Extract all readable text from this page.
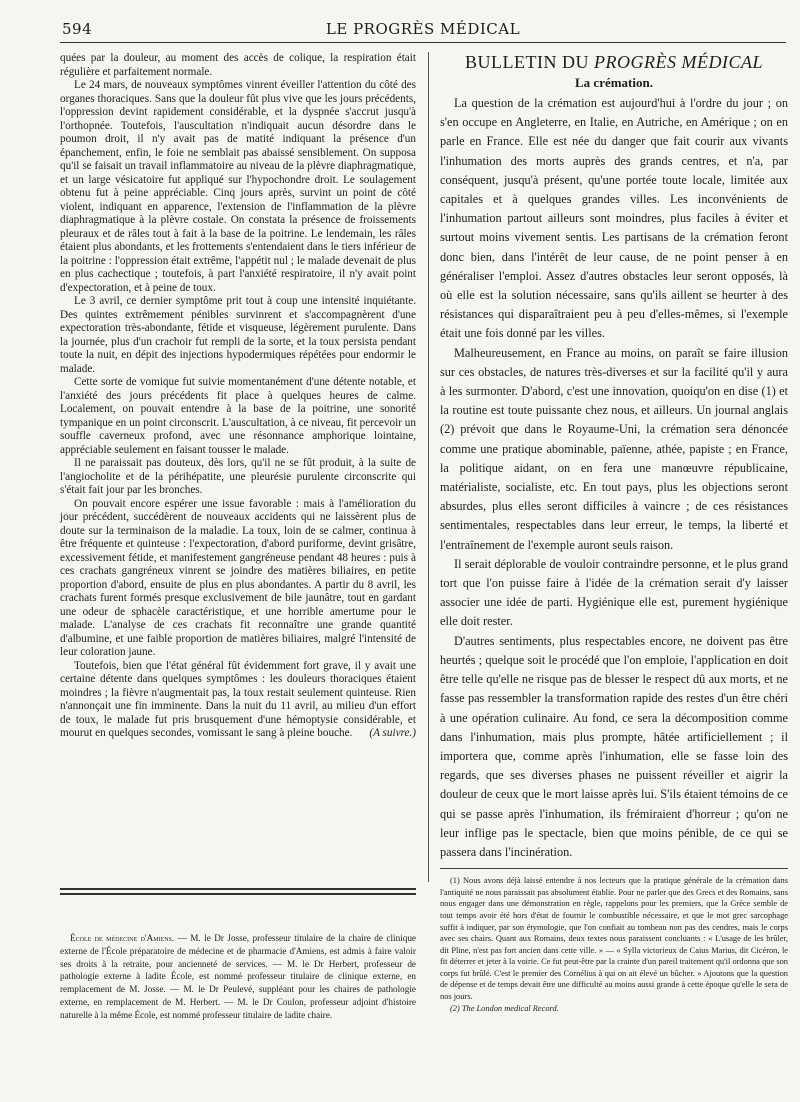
594	LE PROGRÈS MÉDICAL

quées par la douleur, au moment des accès de colique, la respiration était régulière et parfaitement normale.

Le 24 mars, de nouveaux symptômes vinrent éveiller l'attention du côté des organes thoraciques. Sans que la douleur fût plus vive que les jours précédents, l'oppression devint rapidement considérable, et la dyspnée s'accrut jusqu'à l'orthopnée. Toutefois, l'auscultation n'indiquait aucun désordre dans le poumon droit, il n'y avait pas de matité indiquant la présence d'un épanchement, enfin, le foie ne semblait pas abaissé sensiblement. On supposa qu'il se faisait un travail inflammatoire au niveau de la plèvre diaphragmatique, et un large vésicatoire fut appliqué sur l'hypochondre droit. Le soulagement obtenu fut à peine appréciable. Cinq jours après, survint un point de côté violent, indiquant en apparence, l'extension de l'inflammation de la plèvre diaphragmatique à la plèvre costale. On constata la présence de froissements pleuraux et de râles tout à fait à la base de la poitrine. Le lendemain, les râles étaient plus abondants, et les frottements s'entendaient dans le tiers inférieur de la poitrine : l'oppression était extrême, l'appétit nul ; le malade devenait de plus en plus cachectique ; toutefois, à part l'anxiété respiratoire, il n'y avait point d'expectoration, et à peine de toux.

Le 3 avril, ce dernier symptôme prit tout à coup une intensité inquiétante. Des quintes extrêmement pénibles survinrent et s'accompagnèrent d'une expectoration très-abondante, fétide et visqueuse, légèrement purulente. Dans la journée, plus d'un crachoir fut rempli de la sorte, et la toux persista pendant toute la nuit, en dépit des injections hypodermiques répétées pour endormir le malade.

Cette sorte de vomique fut suivie momentanément d'une détente notable, et l'anxiété des jours précédents fit place à quelques heures de calme. Localement, on pouvait entendre à la base de la poitrine, une sonorité tympanique en un point circonscrit. L'auscultation, à ce niveau, fit percevoir un souffle caverneux profond, avec une résonnance amphorique lointaine, appréciable seulement en faisant tousser le malade.

Il ne paraissait pas douteux, dès lors, qu'il ne se fût produit, à la suite de l'angiocholite et de la périhépatite, une pleurésie purulente circonscrite qui s'était fait jour par les bronches.

On pouvait encore espérer une issue favorable : mais à l'amélioration du jour précédent, succédèrent de nouveaux accidents qui ne laissèrent plus de doute sur la terminaison de la maladie. La toux, loin de se calmer, continua à être fréquente et quinteuse : l'expectoration, d'abord puriforme, devint grisâtre, excessivement fétide, et manifestement gangréneuse pendant 48 heures : puis à ces crachats gangréneux vinrent se joindre des matières biliaires, en petite proportion d'abord, ensuite de plus en plus abondantes. A partir du 8 avril, les crachats furent formés presque exclusivement de bile jaunâtre, tout en gardant une odeur de sphacèle caractéristique, et une horrible amertume pour le malade. L'analyse de ces crachats fit reconnaître une grande quantité d'albumine, et une faible proportion de matières biliaires, malgré l'intensité de leur coloration jaune.

Toutefois, bien que l'état général fût évidemment fort grave, il y avait une certaine détente dans quelques symptômes : les douleurs thoraciques étaient moindres ; la fièvre n'augmentait pas, la toux restait seulement quinteuse. Rien n'annonçait une fin imminente. Dans la nuit du 11 avril, au milieu d'un effort de toux, le malade fut pris brusquement d'une hémoptysie considérable, et mourut en quelques secondes, vomissant le sang à pleine bouche.	(A suivre.)

École de médecine d'Amiens. — M. le Dr Josse, professeur titulaire de la chaire de clinique externe de l'École préparatoire de médecine et de pharmacie d'Amiens, est admis à faire valoir ses droits à la retraite, pour ancienneté de services. — M. le Dr Herbert, professeur de pathologie externe à ladite École, est nommé professeur titulaire de clinique externe, en remplacement de M. Josse. — M. le Dr Peulevé, suppléant pour les chaires de pathologie externe, en remplacement de M. Herbert. — M. le Dr Coulon, professeur adjoint d'histoire naturelle à la même École, est nommé professeur titulaire de ladite chaire.

BULLETIN DU PROGRÈS MÉDICAL
La crémation.

La question de la crémation est aujourd'hui à l'ordre du jour ; on s'en occupe en Angleterre, en Italie, en Autriche, en Amérique ; on en parle en France. Elle est née du danger que fait courir aux vivants l'inhumation des morts auprès des grands centres, et n'a, par conséquent, jusqu'à présent, qu'une portée toute locale, limitée aux capitales et à quelques grandes villes. Les inconvénients de l'inhumation partout ailleurs sont moindres, plus faciles à éviter et surtout moins vivement sentis. Les partisans de la crémation feront donc bien, dans l'intérêt de leur cause, de ne point penser à en généraliser l'emploi. Assez d'autres obstacles leur seront opposés, là où elle est la solution nécessaire, sans qu'ils aillent se heurter à des résistances qui disparaîtraient peu à peu d'elles-mêmes, si l'exemple était une fois donné par les villes.

Malheureusement, en France au moins, on paraît se faire illusion sur ces obstacles, de natures très-diverses et sur la facilité qu'il y aura à les surmonter. D'abord, c'est une innovation, quoiqu'on en dise (1) et la routine est toute puissante chez nous, et ailleurs. Un journal anglais (2) prévoit que dans le Royaume-Uni, la crémation sera dénoncée comme une pratique abominable, païenne, athée, papiste ; en France, la politique aidant, on en fera une manœuvre républicaine, matérialiste, socialiste, etc. En tout pays, plus les objections seront absurdes, plus elles seront difficiles à vaincre ; de ces résistances sentimentales, respectables dans leur erreur, le temps, la liberté et l'entraînement de l'exemple auront seuls raison.

Il serait déplorable de vouloir contraindre personne, et le plus grand tort que l'on puisse faire à l'idée de la crémation serait d'y laisser associer une idée de parti. Hygiénique elle est, purement hygiénique elle doit rester.

D'autres sentiments, plus respectables encore, ne doivent pas être heurtés ; quelque soit le procédé que l'on emploie, l'application en doit être telle qu'elle ne risque pas de blesser le respect dû aux morts, et ne fasse pas ressembler la transformation rapide des restes d'un être chéri à une opération culinaire. Au fond, ce sera la décomposition comme dans l'inhumation, mais plus prompte, hâtée artificiellement ; il importera que, comme après l'inhumation, elle se fasse loin des regards, que ses diverses phases ne puissent réveiller et aigrir la douleur de ceux que le mort laisse après lui. S'ils étaient témoins de ce qui se passe après l'inhumation, ils frémiraient d'horreur ; qu'on ne leur inflige pas le spectacle, bien que moins pénible, de ce qui se passera dans l'incinération.

(1) Nous avons déjà laissé entendre à nos lecteurs que la pratique générale de la crémation dans l'antiquité ne nous paraissait pas absolument établie. Pour ne parler que des Grecs et des Romains, sans nous engager dans une démonstration en règle, rappelons pour les premiers, que la Grèce semble de tout temps avoir été hors d'état de fournir le combustible nécessaire, et que le mot grec sarcophage suffit à indiquer, par son étymologie, que l'on confiait au tombeau non pas des cendres, mais le corps avec ses chairs. Quant aux Romains, deux textes nous paraissent concluants : « L'usage de les brûler, dit Pline, n'est pas fort ancien dans cette ville. » — « Sylla victorieux de Caius Marius, dit Cicéron, le fit déterrer et jeter à la voirie. Ce fut peut-être par la crainte d'un pareil traitement qu'il ordonna que son corps fut brûlé. C'est le premier des Cornélius à qui on ait élevé un bûcher. » Ajoutons que la question de dépense et de temps devait être une difficulté au moins aussi grande à cette époque qu'elle le sera de nos jours.

(2) The London medical Record.
